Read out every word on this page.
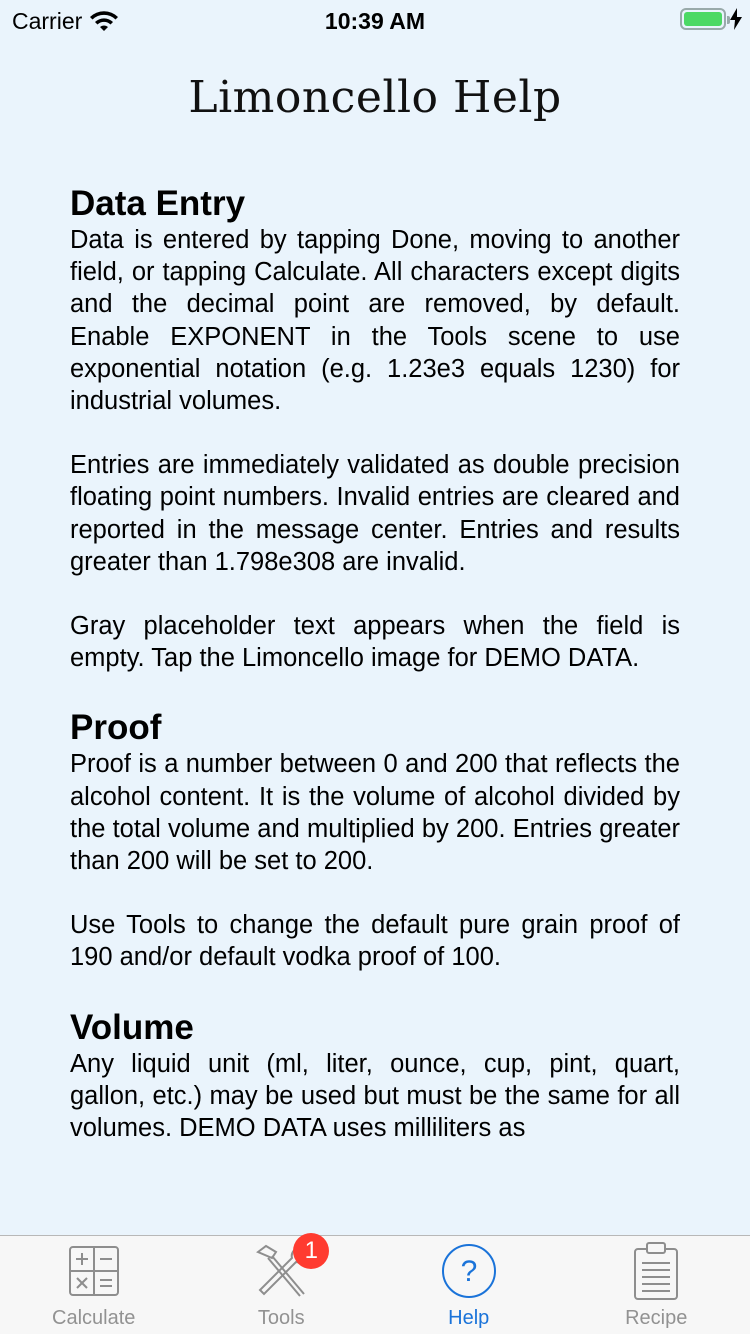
Carrier	10:39 AM
Limoncello Help
Data Entry

Data is entered by tapping Done, moving to another field, or tapping Calculate. All characters except digits and the decimal point are removed, by default. Enable EXPONENT in the Tools scene to use exponential notation (e.g. 1.23e3 equals 1230) for industrial volumes.

Entries are immediately validated as double precision floating point numbers. Invalid entries are cleared and reported in the message center. Entries and results greater than 1.798e308 are invalid.

Gray placeholder text appears when the field is empty. Tap the Limoncello image for DEMO DATA.

Proof

Proof is a number between 0 and 200 that reflects the alcohol content. It is the volume of alcohol divided by the total volume and multiplied by 200. Entries greater than 200 will be set to 200.

Use Tools to change the default pure grain proof of 190 and/or default vodka proof of 100.

Volume

Any liquid unit (ml, liter, ounce, cup, pint, quart, gallon, etc.) may be used but must be the same for all volumes. DEMO DATA uses milliliters as

Calculate
1
Tools
?
Help	Recipe
